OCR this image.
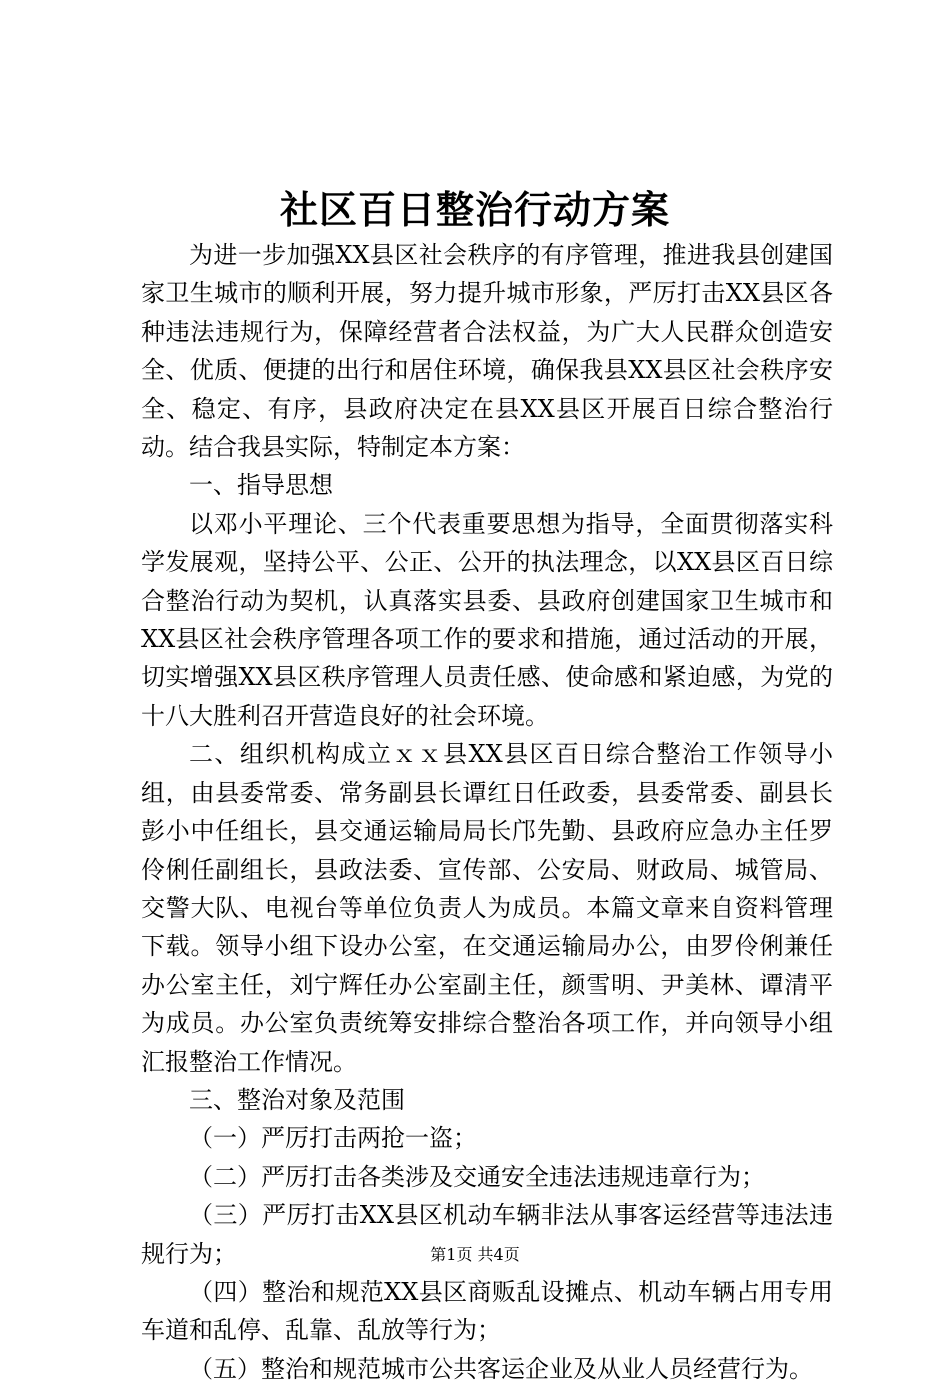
社区百日整治行动方案

为进一步加强XX县区社会秩序的有序管理，推进我县创建国家卫生城市的顺利开展，努力提升城市形象，严厉打击XX县区各种违法违规行为，保障经营者合法权益，为广大人民群众创造安全、优质、便捷的出行和居住环境，确保我县XX县区社会秩序安全、稳定、有序，县政府决定在县XX县区开展百日综合整治行动。结合我县实际，特制定本方案：

一、指导思想

以邓小平理论、三个代表重要思想为指导，全面贯彻落实科学发展观，坚持公平、公正、公开的执法理念，以XX县区百日综合整治行动为契机，认真落实县委、县政府创建国家卫生城市和XX县区社会秩序管理各项工作的要求和措施，通过活动的开展，切实增强XX县区秩序管理人员责任感、使命感和紧迫感，为党的十八大胜利召开营造良好的社会环境。

二、组织机构成立ｘｘ县XX县区百日综合整治工作领导小组，由县委常委、常务副县长谭红日任政委，县委常委、副县长彭小中任组长，县交通运输局局长邝先勤、县政府应急办主任罗伶俐任副组长，县政法委、宣传部、公安局、财政局、城管局、交警大队、电视台等单位负责人为成员。本篇文章来自资料管理下载。领导小组下设办公室，在交通运输局办公，由罗伶俐兼任办公室主任，刘宁辉任办公室副主任，颜雪明、尹美林、谭清平为成员。办公室负责统筹安排综合整治各项工作，并向领导小组汇报整治工作情况。

三、整治对象及范围

（一）严厉打击两抢一盗；

（二）严厉打击各类涉及交通安全违法违规违章行为；

（三）严厉打击XX县区机动车辆非法从事客运经营等违法违规行为；

（四）整治和规范XX县区商贩乱设摊点、机动车辆占用专用车道和乱停、乱靠、乱放等行为；

（五）整治和规范城市公共客运企业及从业人员经营行为。

第1页 共4页
